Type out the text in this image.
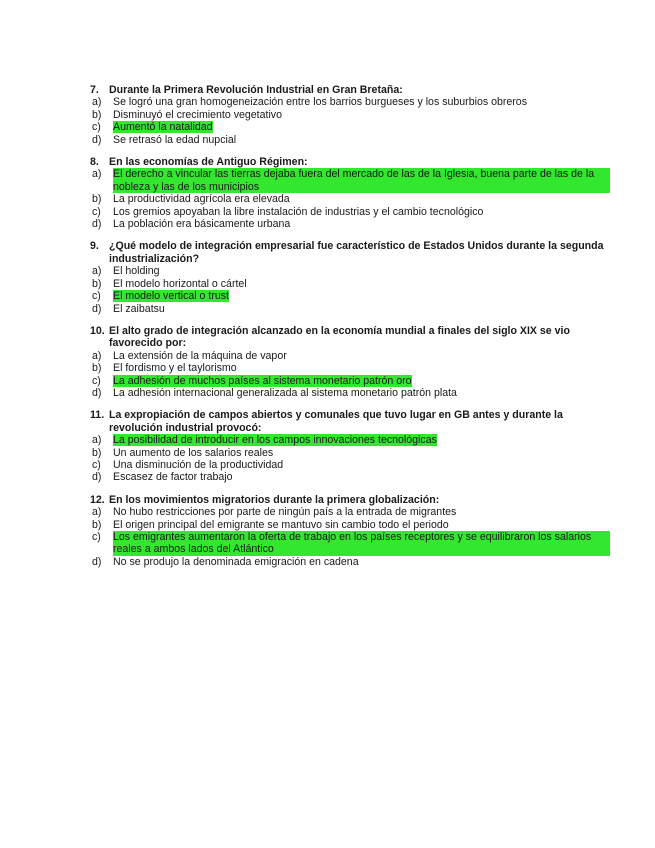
7. Durante la Primera Revolución Industrial en Gran Bretaña:
a)	Se logró una gran homogeneización entre los barrios burgueses y los suburbios obreros
b)	Disminuyó el crecimiento vegetativo
c)	Aumentó la natalidad
d)	Se retrasó la edad nupcial
8. En las economías de Antiguo Régimen:
a)	El derecho a vincular las tierras dejaba fuera del mercado de las de la Iglesia, buena parte de las de la nobleza y las de los municipios
b)	La productividad agrícola era elevada
c)	Los gremios apoyaban la libre instalación de industrias y el cambio tecnológico
d)	La población era básicamente urbana
9. ¿Qué modelo de integración empresarial fue característico de Estados Unidos durante la segunda industrialización?
a)	El holding
b)	El modelo horizontal o cártel
c)	El modelo vertical o trust
d)	El zaibatsu
10. El alto grado de integración alcanzado en la economía mundial a finales del siglo XIX se vio favorecido por:
a)	La extensión de la máquina de vapor
b)	El fordismo y el taylorismo
c)	La adhesión de muchos países al sistema monetario patrón oro
d)	La adhesión internacional generalizada al sistema monetario patrón plata
11. La expropiación de campos abiertos y comunales que tuvo lugar en GB antes y durante la revolución industrial provocó:
a)	La posibilidad de introducir en los campos innovaciones tecnológicas
b)	Un aumento de los salarios reales
c)	Una disminución de la productividad
d)	Escasez de factor trabajo
12. En los movimientos migratorios durante la primera globalización:
a)	No hubo restricciones por parte de ningún país a la entrada de migrantes
b)	El origen principal del emigrante se mantuvo sin cambio todo el periodo
c)	Los emigrantes aumentaron la oferta de trabajo en los países receptores y se equilibraron los salarios reales a ambos lados del Atlántico
d)	No se produjo la denominada emigración en cadena
